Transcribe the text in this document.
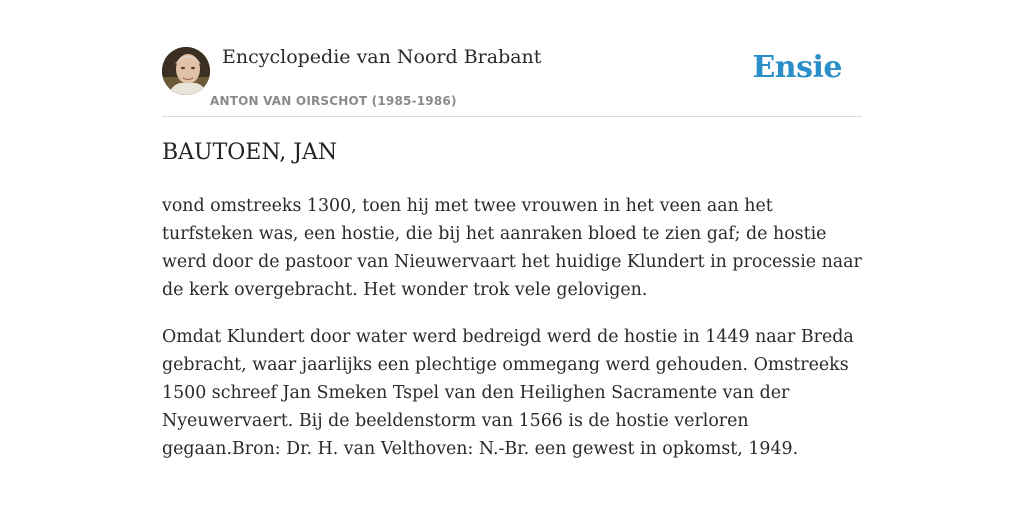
Encyclopedie van Noord Brabant
ANTON VAN OIRSCHOT (1985-1986)
Ensie
BAUTOEN, JAN

vond omstreeks 1300, toen hij met twee vrouwen in het veen aan het turfsteken was, een hostie, die bij het aanraken bloed te zien gaf; de hostie werd door de pastoor van Nieuwervaart het huidige Klundert in processie naar de kerk overgebracht. Het wonder trok vele gelovigen.

Omdat Klundert door water werd bedreigd werd de hostie in 1449 naar Breda gebracht, waar jaarlijks een plechtige ommegang werd gehouden. Omstreeks 1500 schreef Jan Smeken Tspel van den Heilighen Sacramente van der Nyeuwervaert. Bij de beeldenstorm van 1566 is de hostie verloren gegaan.Bron: Dr. H. van Velthoven: N.-Br. een gewest in opkomst, 1949.
